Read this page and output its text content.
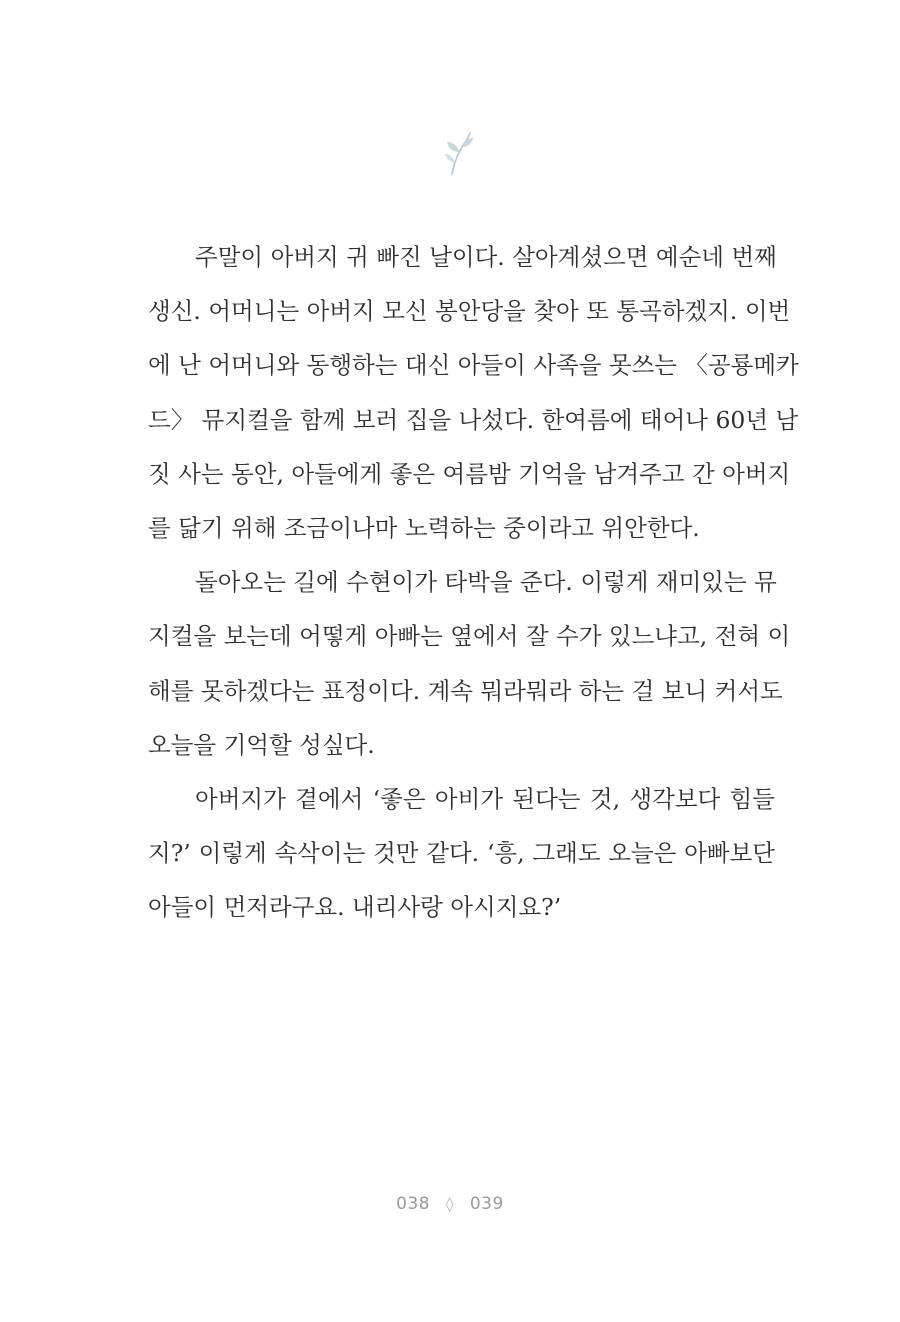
주말이 아버지 귀 빠진 날이다. 살아계셨으면 예순네 번째
생신. 어머니는 아버지 모신 봉안당을 찾아 또 통곡하겠지. 이번
에 난 어머니와 동행하는 대신 아들이 사족을 못쓰는 〈공룡메카
드〉 뮤지컬을 함께 보러 집을 나섰다. 한여름에 태어나 60년 남
짓 사는 동안, 아들에게 좋은 여름밤 기억을 남겨주고 간 아버지
를 닮기 위해 조금이나마 노력하는 중이라고 위안한다.
돌아오는 길에 수현이가 타박을 준다. 이렇게 재미있는 뮤
지컬을 보는데 어떻게 아빠는 옆에서 잘 수가 있느냐고, 전혀 이
해를 못하겠다는 표정이다. 계속 뭐라뭐라 하는 걸 보니 커서도
오늘을 기억할 성싶다.
아버지가 곁에서 ‘좋은 아비가 된다는 것, 생각보다 힘들
지?’ 이렇게 속삭이는 것만 같다. ‘흥, 그래도 오늘은 아빠보단
아들이 먼저라구요. 내리사랑 아시지요?’
038 ◊ 039
